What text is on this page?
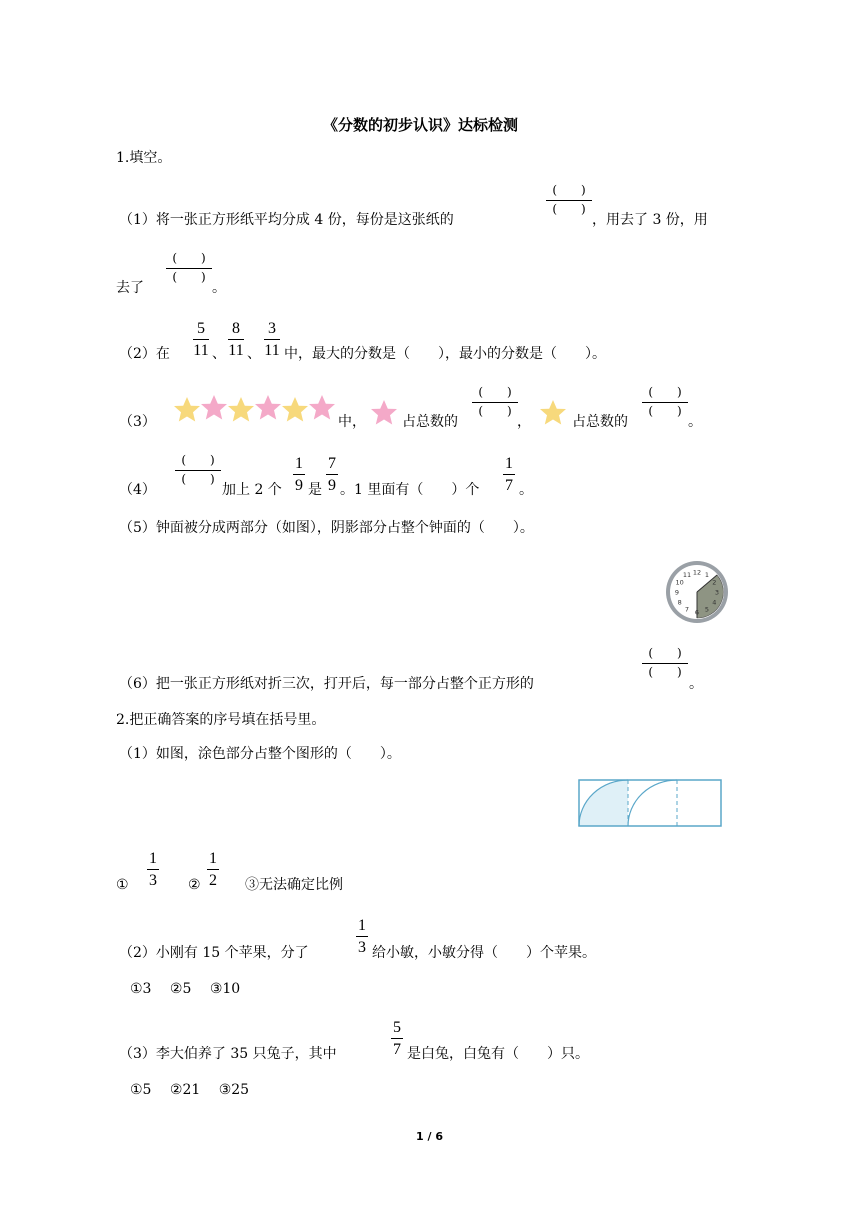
《分数的初步认识》达标检测
1.填空。
（1）将一张正方形纸平均分成 4 份，每份是这张纸的
(　　)
(　　)
，用去了 3 份，用
去了
(　　)
(　　)
。
（2）在
5
11 、
8
11 、
3
11 中，最大的分数是（　　），最小的分数是（　　）。
（3）	中，	占总数的
(　　)
(　　)
，	占总数的
(　　)
(　　)
。
（4）
(　　)
(　　)
加上 2 个
1
9 是
7
9 。1 里面有（　　）个
1
7 。
（5）钟面被分成两部分（如图），阴影部分占整个钟面的（　　）。
12 1
2
3
4
5
6
7
8
9
10
11
（6）把一张正方形纸对折三次，打开后，每一部分占整个正方形的
(　　)
(　　)
。
2.把正确答案的序号填在括号里。
（1）如图，涂色部分占整个图形的（　　）。
①
1
3 ②
1
2 ③无法确定比例
（2）小刚有 15 个苹果，分了
1
3 给小敏，小敏分得（　　）个苹果。
①3　 ②5　 ③10
（3）李大伯养了 35 只兔子，其中
5
7 是白兔，白兔有（　　）只。
①5　 ②21　 ③25
1 / 6
